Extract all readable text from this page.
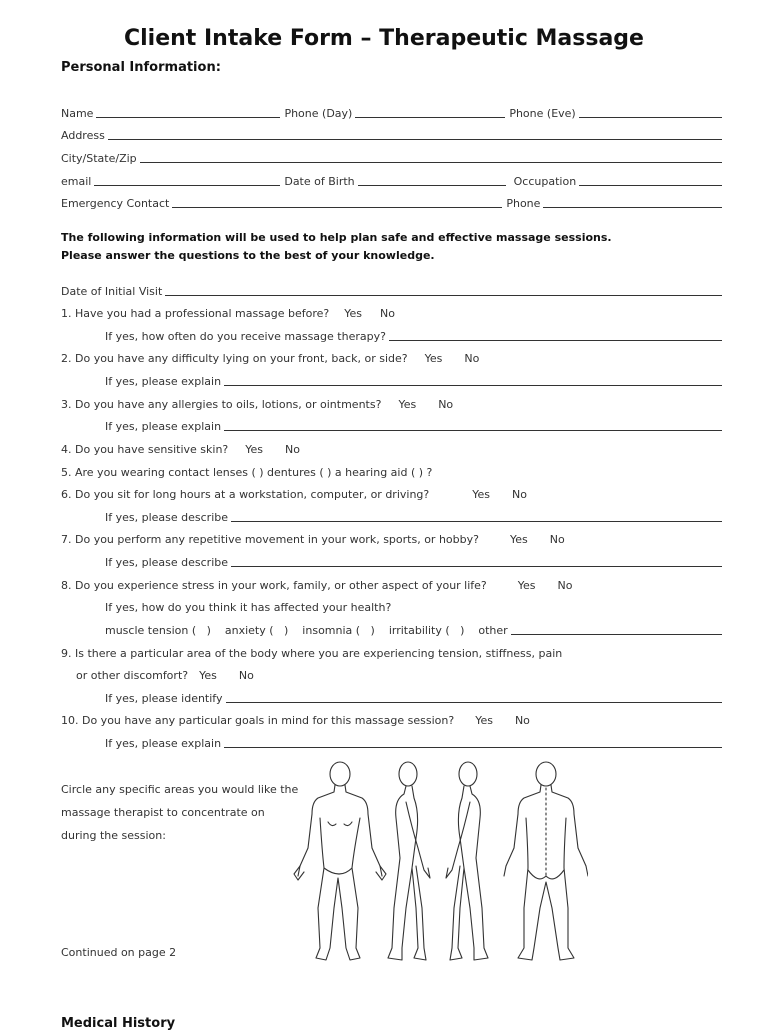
Client Intake Form – Therapeutic Massage
Personal Information:
Name	Phone (Day)	Phone (Eve)
Address
City/State/Zip
email	Date of Birth	Occupation
Emergency Contact	Phone
The following information will be used to help plan safe and effective massage sessions.
Please answer the questions to the best of your knowledge.
Date of Initial Visit
1. Have you had a professional massage before? Yes No
If yes, how often do you receive massage therapy?
2. Do you have any difficulty lying on your front, back, or side? Yes No
If yes, please explain
3. Do you have any allergies to oils, lotions, or ointments? Yes No
If yes, please explain
4. Do you have sensitive skin? Yes No
5. Are you wearing contact lenses ( ) dentures ( ) a hearing aid ( ) ?
6. Do you sit for long hours at a workstation, computer, or driving?	Yes No
If yes, please describe
7. Do you perform any repetitive movement in your work, sports, or hobby?	Yes No
If yes, please describe
8. Do you experience stress in your work, family, or other aspect of your life?	Yes No
If yes, how do you think it has affected your health?
muscle tension (   )    anxiety (   )    insomnia (   )    irritability (   )    other
9. Is there a particular area of the body where you are experiencing tension, stiffness, pain
or other discomfort? Yes No
If yes, please identify
10. Do you have any particular goals in mind for this massage session? Yes No
If yes, please explain
Circle any specific areas you would like the
massage therapist to concentrate on
during the session:
Continued on page 2
Medical History
